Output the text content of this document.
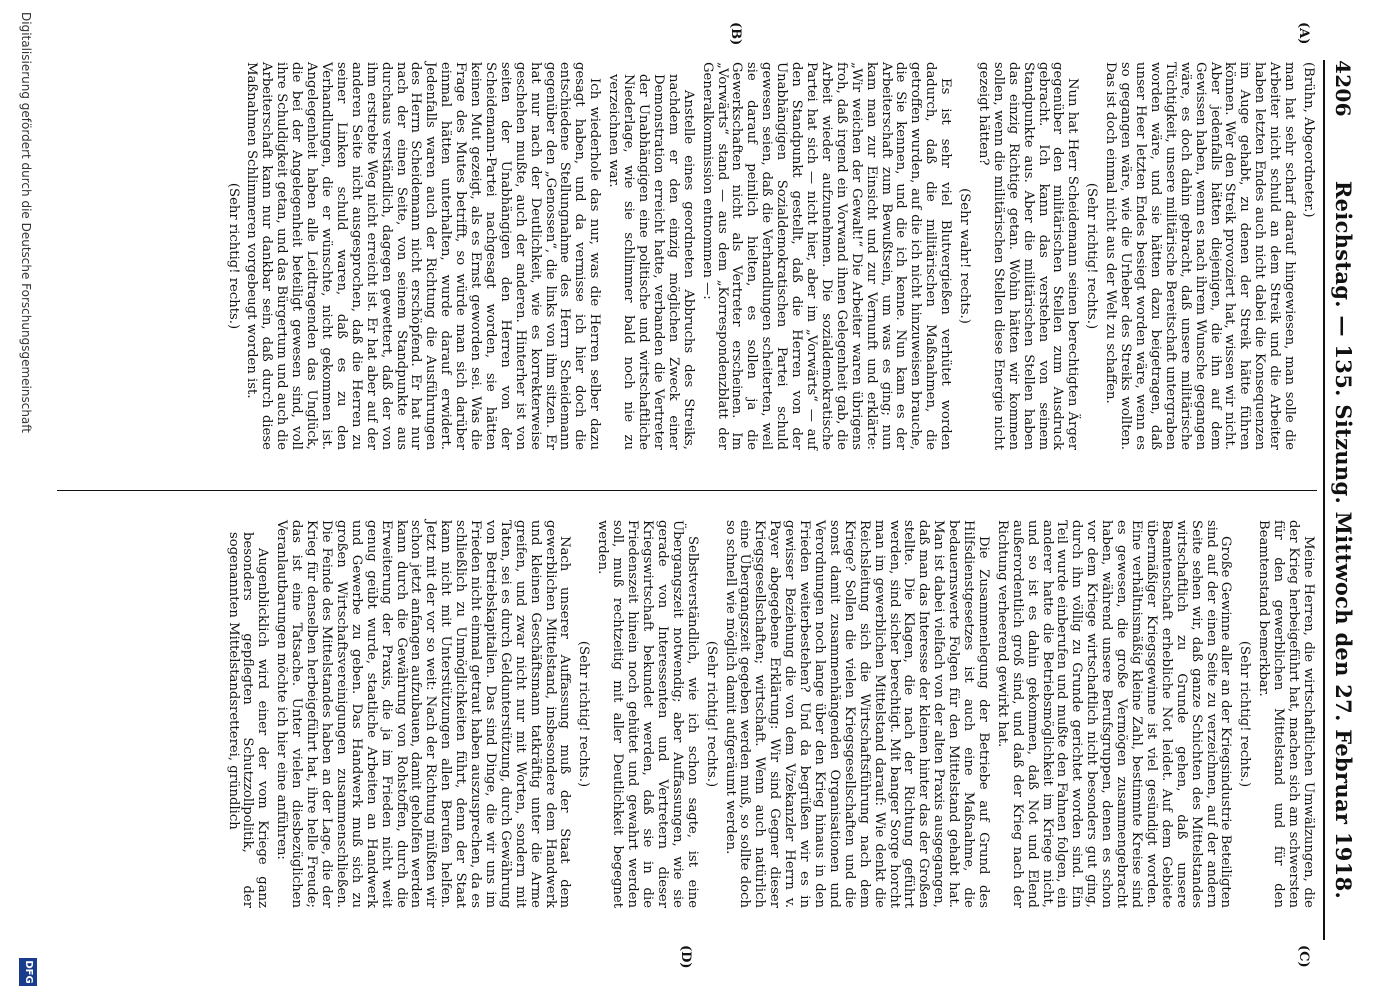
4206
Reichstag. — 135. Sitzung. Mittwoch den 27. Februar 1918.
(A)
(B)
(C)
(D)

(Brühn, Abgeordneter.)

man hat sehr scharf darauf hingewiesen, man solle die Arbeiter nicht schuld an dem Streik und die Arbeiter haben letzten Endes auch nicht dabei die Konsequenzen im Auge gehabt, zu denen der Streik hätte führen können. Wer den Streik provoziert hat, wissen wir nicht. Aber jedenfalls hätten diejenigen, die ihn auf dem Gewissen haben, wenn es nach ihrem Wunsche gegangen wäre, es doch dahin gebracht, daß unsere militärische Tüchtigkeit, unsere militärische Bereitschaft untergraben worden wäre, und sie hätten dazu beigetragen, daß unser Heer letzten Endes besiegt worden wäre, wenn es so gegangen wäre, wie die Urheber des Streiks wollten. Das ist doch einmal nicht aus der Welt zu schaffen.

(Sehr richtig! rechts.)

Nun hat Herr Scheidemann seinen berechtigten Ärger gegenüber den militärischen Stellen zum Ausdruck gebracht. Ich kann das verstehen von seinem Standpunkte aus. Aber die militärischen Stellen haben das einzig Richtige getan. Wohin hätten wir kommen sollen, wenn die militärischen Stellen diese Energie nicht gezeigt hätten?

(Sehr wahr! rechts.)

Es ist sehr viel Blutvergießen verhütet worden dadurch, daß die militärischen Maßnahmen, die getroffen wurden, auf die ich nicht hinzuweisen brauche, die Sie kennen, und die ich kenne. Nun kam es der Arbeiterschaft zum Bewußtsein, um was es ging; nun kam man zur Einsicht und zur Vernunft und erklärte: „Wir weichen der Gewalt!“ Die Arbeiter waren übrigens froh, daß irgend ein Vorwand ihnen Gelegenheit gab, die Arbeit wieder aufzunehmen. Die sozialdemokratische Partei hat sich — nicht hier, aber im „Vorwärts“ — auf den Standpunkt gestellt, daß die Herren von der Unabhängigen Sozialdemokratischen Partei schuld gewesen seien, daß die Verhandlungen scheiterten, weil sie darauf peinlich hielten, es sollen ja die Gewerkschaften nicht als Vertreter erscheinen. Im „Vorwärts“ stand — aus dem „Korrespondenzblatt der Generalkommission entnommen —:

Anstelle eines geordneten Abbruchs des Streiks, nachdem er den einzig möglichen Zweck einer Demonstration erreicht hatte, verbanden die Vertreter der Unabhängigen eine politische und wirtschaftliche Niederlage, wie sie schlimmer bald noch nie zu verzeichnen war.

Ich wiederhole das nur, was die Herren selber dazu gesagt haben, und da vermisse ich hier doch die entschiedene Stellungnahme des Herrn Scheidemann gegenüber den „Genossen“, die links von ihm sitzen. Er hat nur nach der Deutlichkeit, wie es korrekterweise geschehen mußte, auch der anderen. Hinterher ist von seiten der Unabhängigen den Herren von der Scheidemann-Partei nachgesagt worden, sie hätten keinen Mut gezeigt, als es Ernst geworden sei. Was die Frage des Mutes betrifft, so würde man sich darüber einmal hätten unterhalten, wurde darauf erwidert. Jedenfalls waren auch der Richtung die Ausführungen des Herrn Scheidemann nicht erschöpfend. Er hat nur nach der einen Seite, von seinem Standpunkte aus durchaus verständlich, dagegen gewettert, daß der von ihm erstrebte Weg nicht erreicht ist. Er hat aber auf der anderen Seite nicht ausgesprochen, daß die Herren zu seiner Linken schuld waren, daß es zu den Verhandlungen, die er wünschte, nicht gekommen ist. Angelegenheit haben alle Leidtragenden das Unglück, die bei der Angelegenheit beteiligt gewesen sind, voll ihre Schuldigkeit getan, und das Bürgertum und auch die Arbeiterschaft kann nur dankbar sein, daß durch diese Maßnahmen Schlimmeren vorgebeugt worden ist.

(Sehr richtig! rechts.)

Meine Herren, die wirtschaftlichen Umwälzungen, die der Krieg herbeigeführt hat, machen sich am schwersten für den gewerblichen Mittelstand und für den Beamtenstand bemerkbar.

(Sehr richtig! rechts.)

Große Gewinne aller an der Kriegsindustrie Beteiligten sind auf der einen Seite zu verzeichnen, auf der andern Seite sehen wir, daß ganze Schichten des Mittelstandes wirtschaftlich zu Grunde gehen, daß unsere Beamtenschaft erhebliche Not leidet. Auf dem Gebiete übermäßiger Kriegsgewinne ist viel gesündigt worden. Eine verhältnismäßig kleine Zahl, bestimmte Kreise sind es gewesen, die große Vermögen zusammengebracht haben, während unsere Berufsgruppen, denen es schon vor dem Kriege wirtschaftlich nicht besonders gut ging, durch ihn völlig zu Grunde gerichtet worden sind. Ein Teil wurde einberufen und mußte den Fahnen folgen, ein anderer hatte die Betriebsmöglichkeit im Kriege nicht, und so ist es dahin gekommen, daß Not und Elend außerordentlich groß sind, und daß der Krieg nach der Richtung verheerend gewirkt hat.

Die Zusammenlegung der Betriebe auf Grund des Hilfsdienstgesetzes ist auch eine Maßnahme, die bedauernswerte Folgen für den Mittelstand gehabt hat. Man ist dabei vielfach von der alten Praxis ausgegangen, daß man das Interesse der kleinen hinter das der Großen stellte. Die Klagen, die nach der Richtung geführt werden, sind sicher berechtigt. Mit banger Sorge horcht man im gewerblichen Mittelstand darauf: Wie denkt die Reichsleitung sich die Wirtschaftsführung nach dem Kriege? Sollen die vielen Kriegsgesellschaften und die sonst damit zusammenhängenden Organisationen und Verordnungen noch lange über den Krieg hinaus in den Frieden weiterbestehen? Und da begrüßen wir es in gewisser Beziehung die von dem Vizekanzler Herrn v. Payer abgegebene Erklärung: Wir sind Gegner dieser Kriegsgesellschaften; wirtschaft. Wenn auch natürlich eine Übergangszeit gegeben werden muß, so sollte doch so schnell wie möglich damit aufgeräumt werden.

(Sehr richtig! rechts.)

Selbstverständlich, wie ich schon sagte, ist eine Übergangszeit notwendig; aber Auffassungen, wie sie gerade von Interessenten und Vertretern dieser Kriegswirtschaft bekundet werden, daß sie in die Friedenszeit hinein noch gehütet und gewahrt werden soll, muß rechtzeitig mit aller Deutlichkeit begegnet werden.

(Sehr richtig! rechts.)

Nach unserer Auffassung muß der Staat dem gewerblichen Mittelstand, insbesondere dem Handwerk und kleinen Geschäftsmann tatkräftig unter die Arme greifen, und zwar nicht nur mit Worten, sondern mit Taten, sei es durch Geldunterstützung, durch Gewährung von Betriebskapitalien. Das sind Dinge, die wir uns im Frieden nicht einmal getraut haben auszusprechen, da es schließlich zu Unmöglichkeiten führt, denn der Staat kann nicht mit Unterstützungen allen Berufen helfen. Jetzt mit der vor so weit: Nach der Richtung müßten wir schon jetzt anfangen aufzubauen, damit geholfen werden kann durch die Gewährung von Rohstoffen, durch die Erweiterung der Praxis, die ja im Frieden nicht weit genug geübt wurde, staatliche Arbeiten an Handwerk und Gewerbe zu geben. Das Handwerk muß sich zu großen Wirtschaftsvereinigungen zusammenschließen. Die Feinde des Mittelstandes haben an der Lage, die der Krieg für denselben herbeigeführt hat, ihre helle Freude; das ist eine Tatsache. Unter vielen diesbezüglichen Veranlautbarungen möchte ich hier eine anführen:

Augenblicklich wird einer der vom Kriege ganz besonders gepflegten Schutzzollpolitik, der sogenannten Mittelstandsretterei, gründlich

Digitalisierung gefördert durch die Deutsche Forschungsgemeinschaft
DFG
